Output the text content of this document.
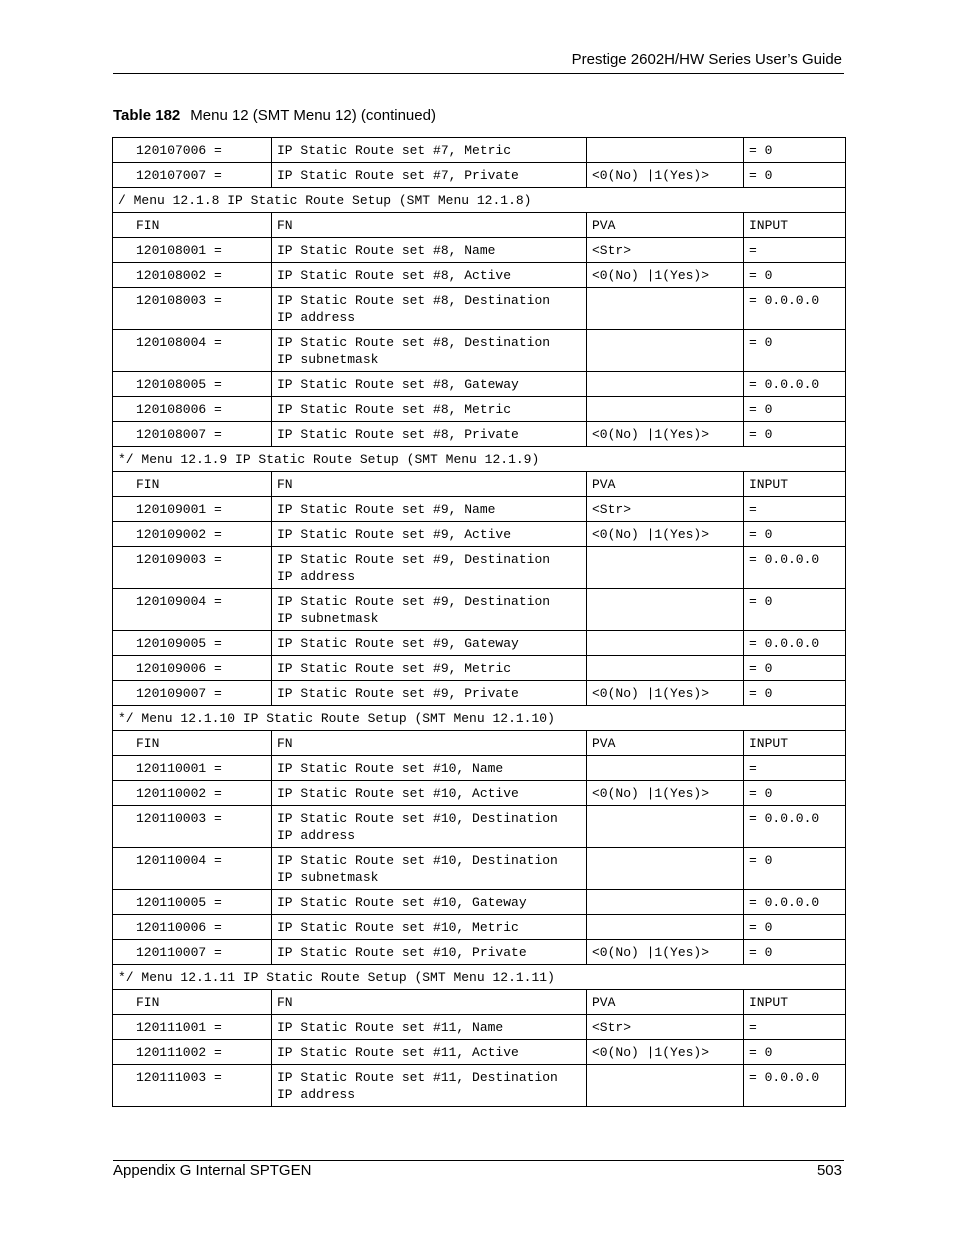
Prestige 2602H/HW Series User’s Guide
Table 182 Menu 12 (SMT Menu 12) (continued)
120107006 =	IP Static Route set #7, Metric		= 0
120107007 =	IP Static Route set #7, Private	<0(No) |1(Yes)>	= 0
/ Menu 12.1.8 IP Static Route Setup (SMT Menu 12.1.8)			
FIN	FN	PVA	INPUT
120108001 =	IP Static Route set #8, Name	<Str>	=
120108002 =	IP Static Route set #8, Active	<0(No) |1(Yes)>	= 0
120108003 =	IP Static Route set #8, Destination
IP address		= 0.0.0.0
120108004 =	IP Static Route set #8, Destination
IP subnetmask		= 0
120108005 =	IP Static Route set #8, Gateway		= 0.0.0.0
120108006 =	IP Static Route set #8, Metric		= 0
120108007 =	IP Static Route set #8, Private	<0(No) |1(Yes)>	= 0
*/ Menu 12.1.9 IP Static Route Setup (SMT Menu 12.1.9)			
FIN	FN	PVA	INPUT
120109001 =	IP Static Route set #9, Name	<Str>	=
120109002 =	IP Static Route set #9, Active	<0(No) |1(Yes)>	= 0
120109003 =	IP Static Route set #9, Destination
IP address		= 0.0.0.0
120109004 =	IP Static Route set #9, Destination
IP subnetmask		= 0
120109005 =	IP Static Route set #9, Gateway		= 0.0.0.0
120109006 =	IP Static Route set #9, Metric		= 0
120109007 =	IP Static Route set #9, Private	<0(No) |1(Yes)>	= 0
*/ Menu 12.1.10 IP Static Route Setup (SMT Menu 12.1.10)			
FIN	FN	PVA	INPUT
120110001 =	IP Static Route set #10, Name		=
120110002 =	IP Static Route set #10, Active	<0(No) |1(Yes)>	= 0
120110003 =	IP Static Route set #10, Destination
IP address		= 0.0.0.0
120110004 =	IP Static Route set #10, Destination
IP subnetmask		= 0
120110005 =	IP Static Route set #10, Gateway		= 0.0.0.0
120110006 =	IP Static Route set #10, Metric		= 0
120110007 =	IP Static Route set #10, Private	<0(No) |1(Yes)>	= 0
*/ Menu 12.1.11 IP Static Route Setup (SMT Menu 12.1.11)			
FIN	FN	PVA	INPUT
120111001 =	IP Static Route set #11, Name	<Str>	=
120111002 =	IP Static Route set #11, Active	<0(No) |1(Yes)>	= 0
120111003 =	IP Static Route set #11, Destination
IP address		= 0.0.0.0
Appendix G Internal SPTGEN	503
